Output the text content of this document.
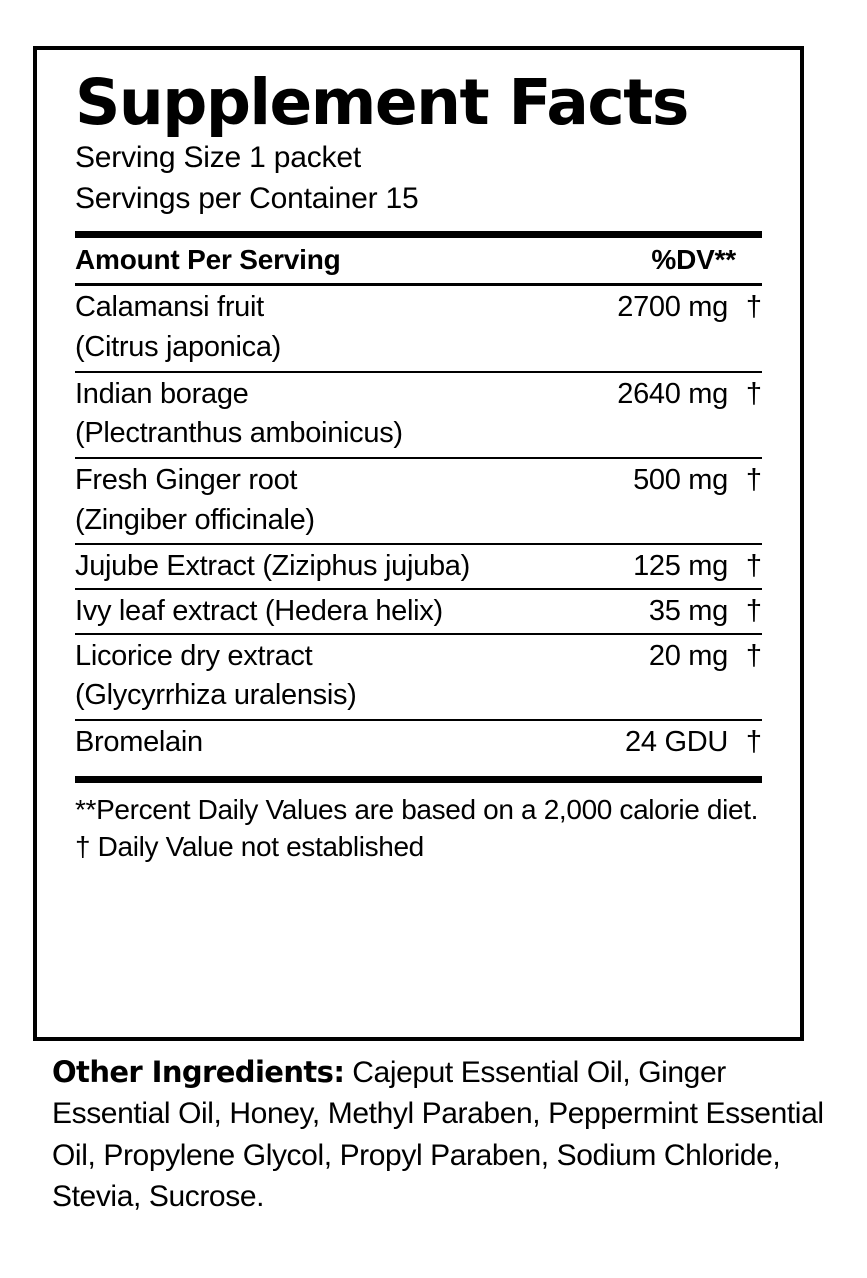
Supplement Facts
Serving Size 1 packet
Servings per Container 15
Amount Per Serving	%DV**
Calamansi fruit	2700 mg †
(Citrus japonica)
Indian borage	2640 mg †
(Plectranthus amboinicus)
Fresh Ginger root	500 mg †
(Zingiber officinale)
Jujube Extract (Ziziphus jujuba)	125 mg †
Ivy leaf extract (Hedera helix)	35 mg †
Licorice dry extract	20 mg †
(Glycyrrhiza uralensis)
Bromelain	24 GDU †
**Percent Daily Values are based on a 2,000 calorie diet.
† Daily Value not established
Other Ingredients: Cajeput Essential Oil, Ginger Essential Oil, Honey, Methyl Paraben, Peppermint Essential Oil, Propylene Glycol, Propyl Paraben, Sodium Chloride, Stevia, Sucrose.
